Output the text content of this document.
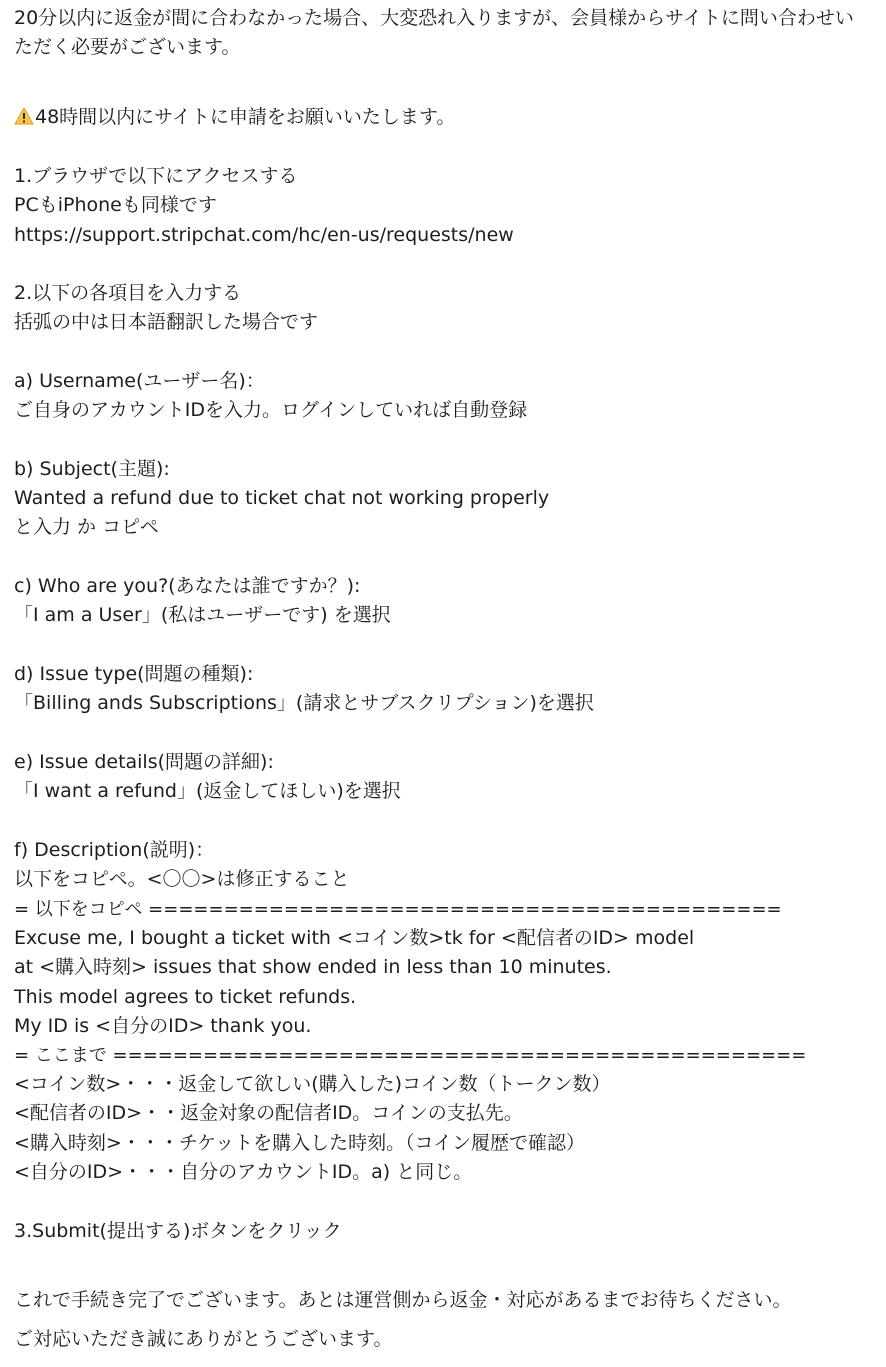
20分以内に返金が間に合わなかった場合、大変恐れ入りますが、会員様からサイトに問い合わせいただく必要がございます。
48時間以内にサイトに申請をお願いいたします。
1.ブラウザで以下にアクセスする
PCもiPhoneも同様です
https://support.stripchat.com/hc/en-us/requests/new
2.以下の各項目を入力する
括弧の中は日本語翻訳した場合です
a) Username(ユーザー名)：
ご自身のアカウントIDを入力。ログインしていれば自動登録
b) Subject(主題):
Wanted a refund due to ticket chat not working properly
と入力 か コピペ
c) Who are you?(あなたは誰ですか？):
「I am a User」(私はユーザーです) を選択
d) Issue type(問題の種類):
「Billing ands Subscriptions」(請求とサブスクリプション)を選択
e) Issue details(問題の詳細):
「I want a refund」(返金してほしい)を選択
f) Description(説明)：
以下をコピペ。<〇〇>は修正すること
= 以下をコピペ ==========================================
Excuse me, I bought a ticket with <コイン数>tk for <配信者のID> model
at <購入時刻> issues that show ended in less than 10 minutes.
This model agrees to ticket refunds.
My ID is <自分のID> thank you.
= ここまで ==============================================
<コイン数>・・・返金して欲しい(購入した)コイン数（トークン数）
<配信者のID>・・返金対象の配信者ID。コインの支払先。
<購入時刻>・・・チケットを購入した時刻。（コイン履歴で確認）
<自分のID>・・・自分のアカウントID。a) と同じ。
3.Submit(提出する)ボタンをクリック
これで手続き完了でございます。あとは運営側から返金・対応があるまでお待ちください。
ご対応いただき誠にありがとうございます。
